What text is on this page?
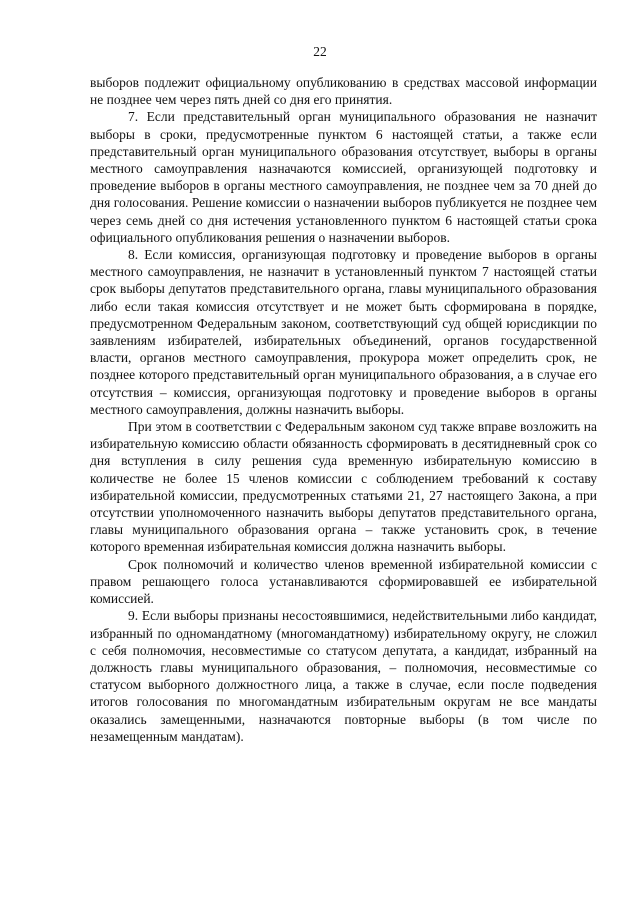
22

выборов подлежит официальному опубликованию в средствах массовой информации не позднее чем через пять дней со дня его принятия.

7. Если представительный орган муниципального образования не назначит выборы в сроки, предусмотренные пунктом 6 настоящей статьи, а также если представительный орган муниципального образования отсутствует, выборы в органы местного самоуправления назначаются комиссией, организующей подготовку и проведение выборов в органы местного самоуправления, не позднее чем за 70 дней до дня голосования. Решение комиссии о назначении выборов публикуется не позднее чем через семь дней со дня истечения установленного пунктом 6 настоящей статьи срока официального опубликования решения о назначении выборов.

8. Если комиссия, организующая подготовку и проведение выборов в органы местного самоуправления, не назначит в установленный пунктом 7 настоящей статьи срок выборы депутатов представительного органа, главы муниципального образования либо если такая комиссия отсутствует и не может быть сформирована в порядке, предусмотренном Федеральным законом, соответствующий суд общей юрисдикции по заявлениям избирателей, избирательных объединений, органов государственной власти, органов местного самоуправления, прокурора может определить срок, не позднее которого представительный орган муниципального образования, а в случае его отсутствия – комиссия, организующая подготовку и проведение выборов в органы местного самоуправления, должны назначить выборы.

При этом в соответствии с Федеральным законом суд также вправе возложить на избирательную комиссию области обязанность сформировать в десятидневный срок со дня вступления в силу решения суда временную избирательную комиссию в количестве не более 15 членов комиссии с соблюдением требований к составу избирательной комиссии, предусмотренных статьями 21, 27 настоящего Закона, а при отсутствии уполномоченного назначить выборы депутатов представительного органа, главы муниципального образования органа – также установить срок, в течение которого временная избирательная комиссия должна назначить выборы.

Срок полномочий и количество членов временной избирательной комиссии с правом решающего голоса устанавливаются сформировавшей ее избирательной комиссией.

9. Если выборы признаны несостоявшимися, недействительными либо кандидат, избранный по одномандатному (многомандатному) избирательному округу, не сложил с себя полномочия, несовместимые со статусом депутата, а кандидат, избранный на должность главы муниципального образования, – полномочия, несовместимые со статусом выборного должностного лица, а также в случае, если после подведения итогов голосования по многомандатным избирательным округам не все мандаты оказались замещенными, назначаются повторные выборы (в том числе по незамещенным мандатам).
